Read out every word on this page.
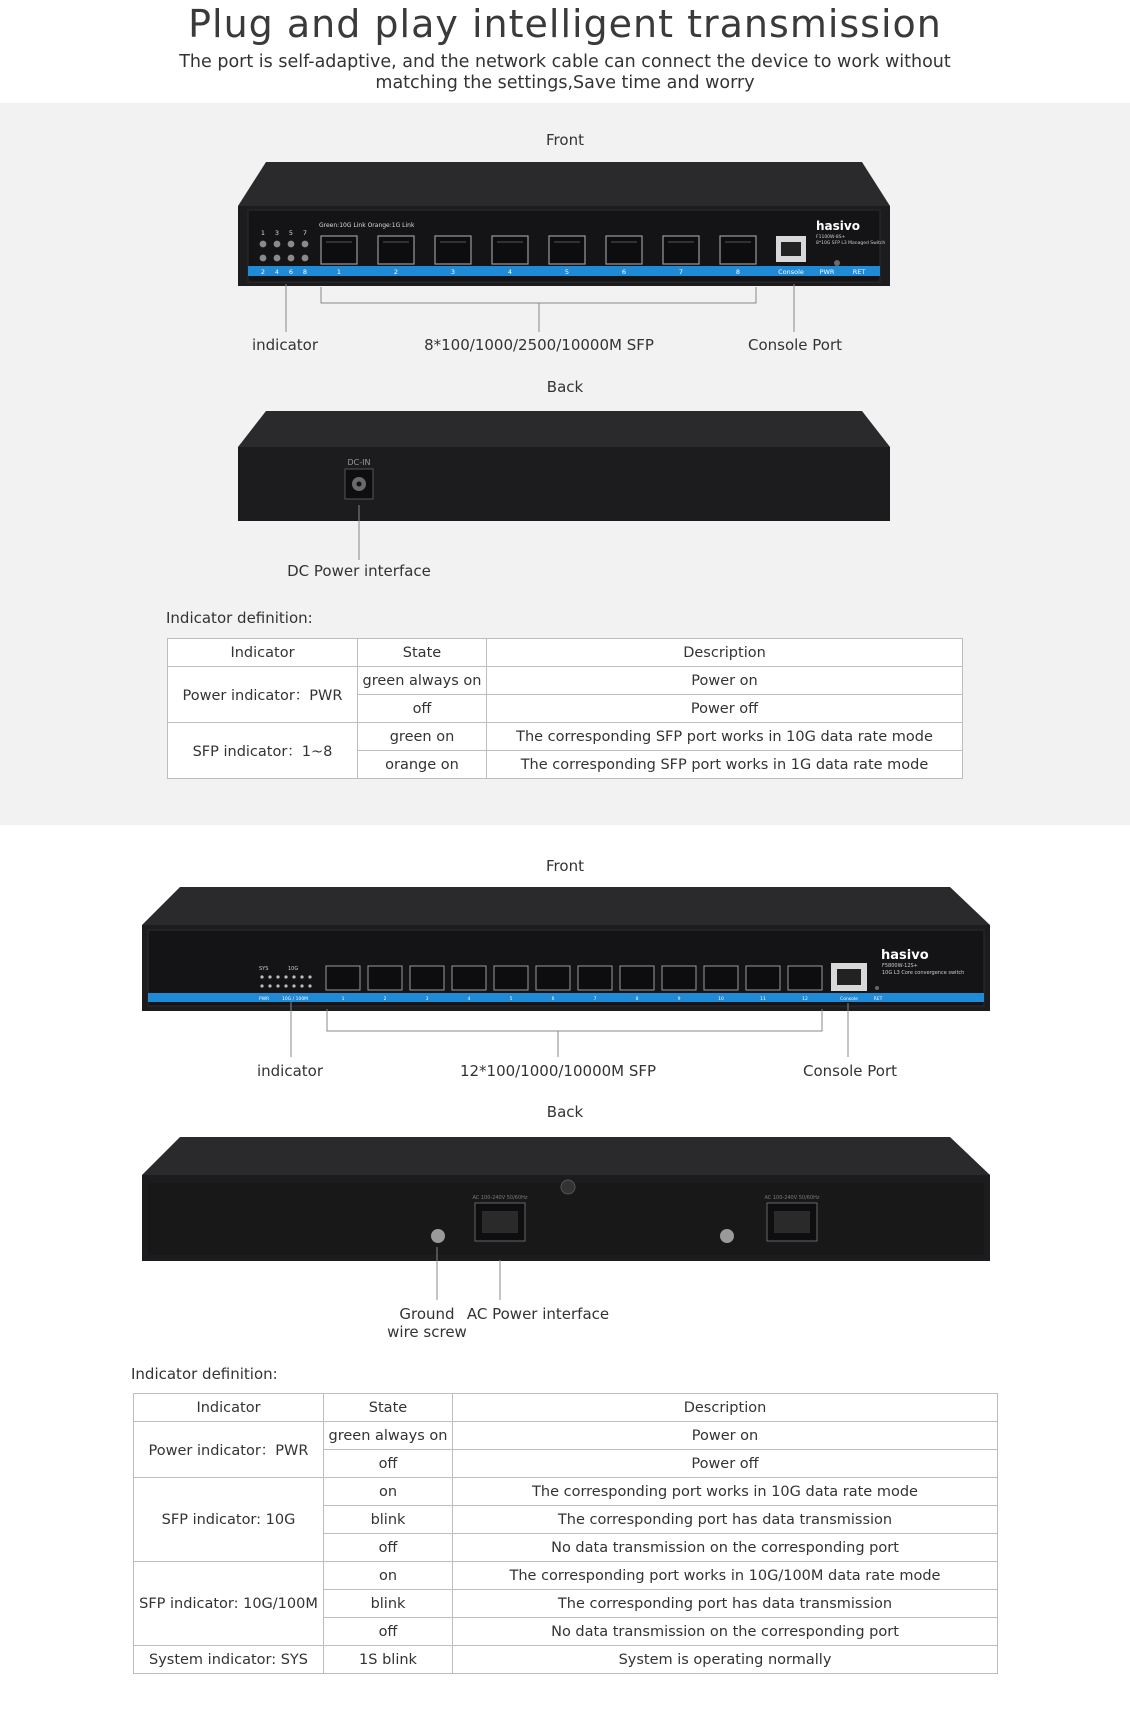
Plug and play intelligent transmission
The port is self-adaptive, and the network cable can connect the device to work without
matching the settings,Save time and worry
Front
1 3 5 7
2 4 6 8
Green:10G Link Orange:1G Link
1	2	3	4	5	6	7	8	Console PWR	RET
hasivo
F1100W-8S+
8*10G SFP L3 Managed Switch
indicator	8*100/1000/2500/10000M SFP	Console Port
Back
DC-IN
DC Power interface
Indicator definition:
Indicator	State	Description
Power indicator：PWR	green always on	Power on
	off	Power off
SFP indicator：1~8	green on	The corresponding SFP port works in 10G data rate mode
	orange on	The corresponding SFP port works in 1G data rate mode
Front
SYS	10G
PWR	10G / 100M	1	2	3	4	5	6	7	8	9	10	11	12	Console	RET
hasivo
F5800W-12S+
10G L3 Core convergence switch
indicator	12*100/1000/10000M SFP	Console Port
Back
AC 100-240V 50/60Hz	AC 100-240V 50/60Hz
Ground
wire screw
AC Power interface
Indicator definition:
Indicator	State	Description
Power indicator：PWR	green always on	Power on
	off	Power off
SFP indicator: 10G	on	The corresponding port works in 10G data rate mode
	blink	The corresponding port has data transmission
	off	No data transmission on the corresponding port
SFP indicator: 10G/100M	on	The corresponding port works in 10G/100M data rate mode
	blink	The corresponding port has data transmission
	off	No data transmission on the corresponding port
System indicator: SYS	1S blink	System is operating normally
